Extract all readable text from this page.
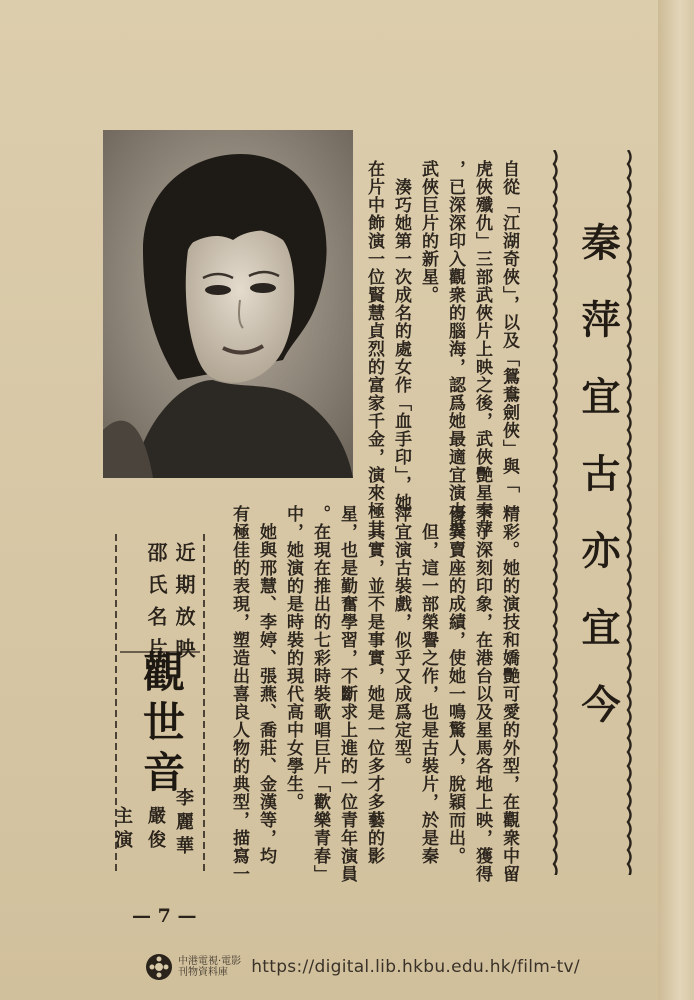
秦萍宜古亦宜今
自從「江湖奇俠」，以及「鴛鴦劍俠」與「
虎俠殲仇」三部武俠片上映之後，武俠艷星秦萍
，已深深印入觀衆的腦海，認爲她最適宜演古裝
武俠巨片的新星。
　湊巧她第一次成名的處女作「血手印」，她
在片中飾演一位賢慧貞烈的富家千金，演來極其
精彩。她的演技和嬌艷可愛的外型，在觀衆中留
下了深刻印象，在港台以及星馬各地上映，獲得
優異賣座的成績，使她一鳴驚人，脫穎而出。
　但，這一部榮譽之作，也是古裝片，於是秦
萍宜演古裝戲，似乎又成爲定型。
　其實，並不是事實，她是一位多才多藝的影
星，也是勤奮學習，不斷求上進的一位青年演員
。在現在推出的七彩時裝歌唱巨片「歡樂青春」
中，她演的是時裝的現代高中女學生。
　她與邢慧、李婷、張燕、喬莊、金漢等，均
有極佳的表現，塑造出喜良人物的典型，描寫一
近期放映
邵氏名片
觀世音
李麗華
嚴俊
主演
— 7 —
中港電視·電影
刊物資料庫	https://digital.lib.hkbu.edu.hk/film-tv/
